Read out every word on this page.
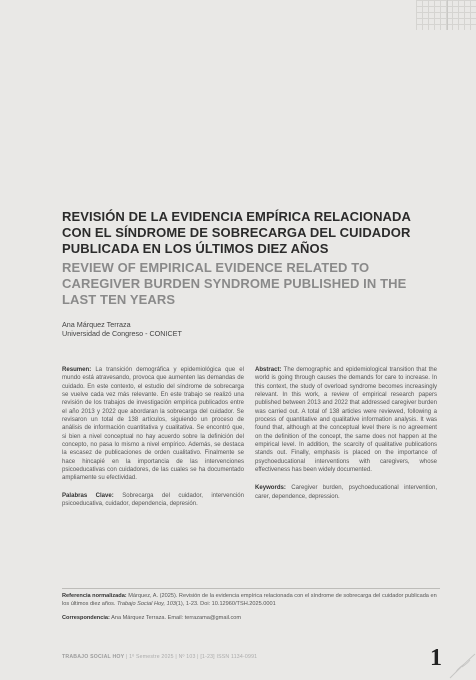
REVISIÓN DE LA EVIDENCIA EMPÍRICA RELACIONADA CON EL SÍNDROME DE SOBRECARGA DEL CUIDADOR PUBLICADA EN LOS ÚLTIMOS DIEZ AÑOS
REVIEW OF EMPIRICAL EVIDENCE RELATED TO CAREGIVER BURDEN SYNDROME PUBLISHED IN THE LAST TEN YEARS
Ana Márquez Terraza
Universidad de Congreso - CONICET

Resumen: La transición demográfica y epidemiológica que el mundo está atravesando, provoca que aumenten las demandas de cuidado. En este contexto, el estudio del síndrome de sobrecarga se vuelve cada vez más relevante. En este trabajo se realizó una revisión de los trabajos de investigación empírica publicados entre el año 2013 y 2022 que abordaran la sobrecarga del cuidador. Se revisaron un total de 138 artículos, siguiendo un proceso de análisis de información cuantitativa y cualitativa. Se encontró que, si bien a nivel conceptual no hay acuerdo sobre la definición del concepto, no pasa lo mismo a nivel empírico. Además, se destaca la escasez de publicaciones de orden cualitativo. Finalmente se hace hincapié en la importancia de las intervenciones psicoeducativas con cuidadores, de las cuales se ha documentado ampliamente su efectividad.

Palabras Clave: Sobrecarga del cuidador, intervención psicoeducativa, cuidador, dependencia, depresión.

Abstract: The demographic and epidemiological transition that the world is going through causes the demands for care to increase. In this context, the study of overload syndrome becomes increasingly relevant. In this work, a review of empirical research papers published between 2013 and 2022 that addressed caregiver burden was carried out. A total of 138 articles were reviewed, following a process of quantitative and qualitative information analysis. It was found that, although at the conceptual level there is no agreement on the definition of the concept, the same does not happen at the empirical level. In addition, the scarcity of qualitative publications stands out. Finally, emphasis is placed on the importance of psychoeducational interventions with caregivers, whose effectiveness has been widely documented.

Keywords: Caregiver burden, psychoeducational intervention, carer, dependence, depression.

Referencia normalizada: Márquez, A. (2025). Revisión de la evidencia empírica relacionada con el síndrome de sobrecarga del cuidador publicada en los últimos diez años. Trabajo Social Hoy, 103(1), 1-23. Doi: 10.12960/TSH.2025.0001

Correspondencia: Ana Márquez Terraza. Email: terrazama@gmail.com

TRABAJO SOCIAL HOY | 1º Semestre 2025 | Nº 103 | [1-23] ISSN 1134-0991	1
